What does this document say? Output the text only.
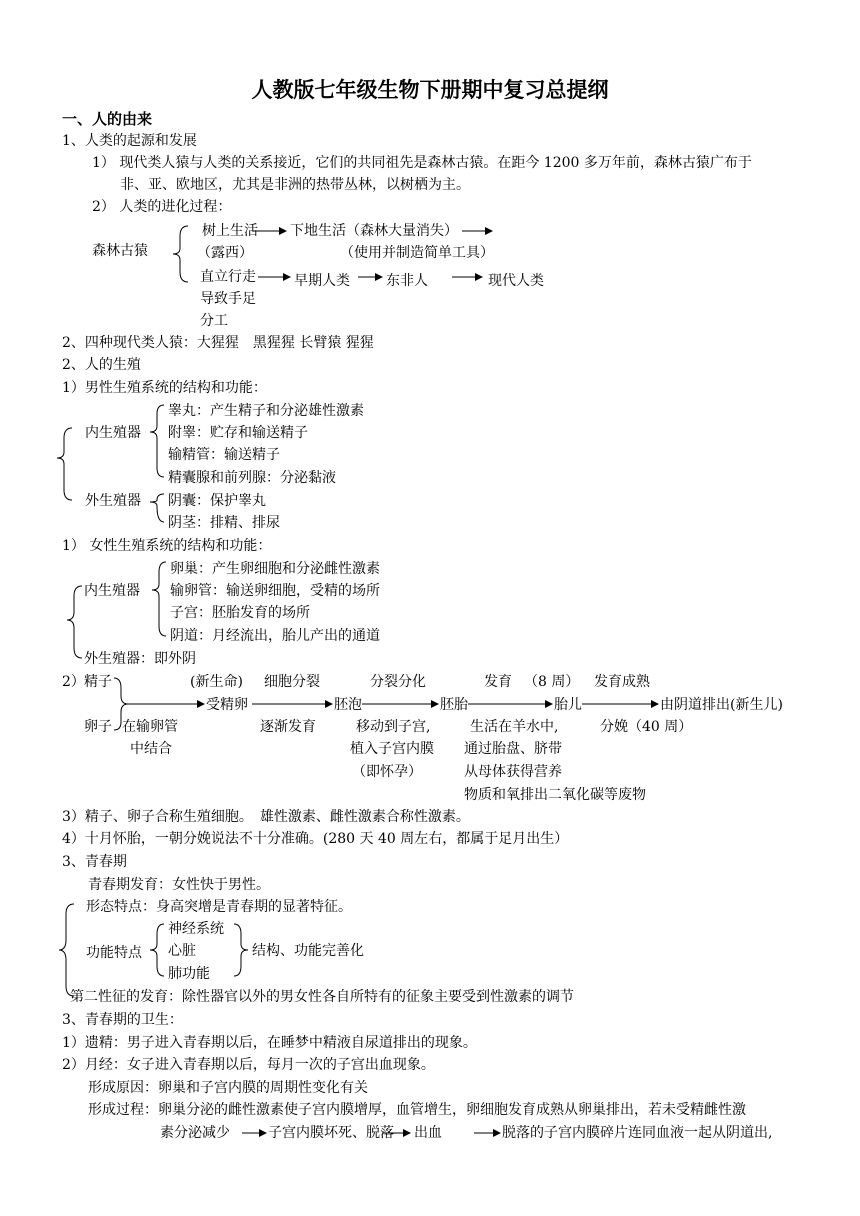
人教版七年级生物下册期中复习总提纲
一、人的由来
1、人类的起源和发展
1） 现代类人猿与人类的关系接近，它们的共同祖先是森林古猿。在距今 1200 多万年前，森林古猿广布于
非、亚、欧地区，尤其是非洲的热带丛林，以树栖为主。
2） 人类的进化过程：
森林古猿
树上生活 下地生活（森林大量消失）
（露西）	（使用并制造简单工具）
直立行走
导致手足
分工
早期人类	东非人	现代人类
2、四种现代类人猿：大猩猩　黑猩猩 长臂猿 猩猩
2、人的生殖
1）男性生殖系统的结构和功能：
内生殖器
睾丸：产生精子和分泌雄性激素
附睾：贮存和输送精子
输精管：输送精子
精囊腺和前列腺：分泌黏液
外生殖器 阴囊：保护睾丸
阴茎：排精、排尿
1） 女性生殖系统的结构和功能：
内生殖器
卵巢：产生卵细胞和分泌雌性激素
输卵管：输送卵细胞，受精的场所
子宫：胚胎发育的场所
阴道：月经流出，胎儿产出的通道
外生殖器：即外阴
2） 精子
卵子
(新生命) 细胞分裂	分裂分化	发育 （8 周） 发育成熟
受精卵	胚泡	胚胎	胎儿	由阴道排出(新生儿)
在输卵管
中结合
逐渐发育	移动到子宫,
植入子宫内膜
（即怀孕）
生活在羊水中,
通过胎盘、脐带
从母体获得营养
物质和氧排出二氧化碳等废物
分娩（40 周）
3）精子、卵子合称生殖细胞。　雄性激素、雌性激素合称性激素。
4）十月怀胎，一朝分娩说法不十分准确。(280 天 40 周左右，都属于足月出生）
3、青春期
青春期发育：女性快于男性。
形态特点：身高突增是青春期的显著特征。
功能特点
神经系统
心脏
肺功能
结构、功能完善化
第二性征的发育：除性器官以外的男女性各自所特有的征象主要受到性激素的调节
3、青春期的卫生：
1）遗精：男子进入青春期以后，在睡梦中精液自尿道排出的现象。
2）月经：女子进入青春期以后，每月一次的子宫出血现象。
形成原因：卵巢和子宫内膜的周期性变化有关
形成过程：卵巢分泌的雌性激素使子宫内膜增厚，血管增生，卵细胞发育成熟从卵巢排出，若未受精雌性激
素分泌减少	子宫内膜坏死、脱落 出血	脱落的子宫内膜碎片连同血液一起从阴道出,
